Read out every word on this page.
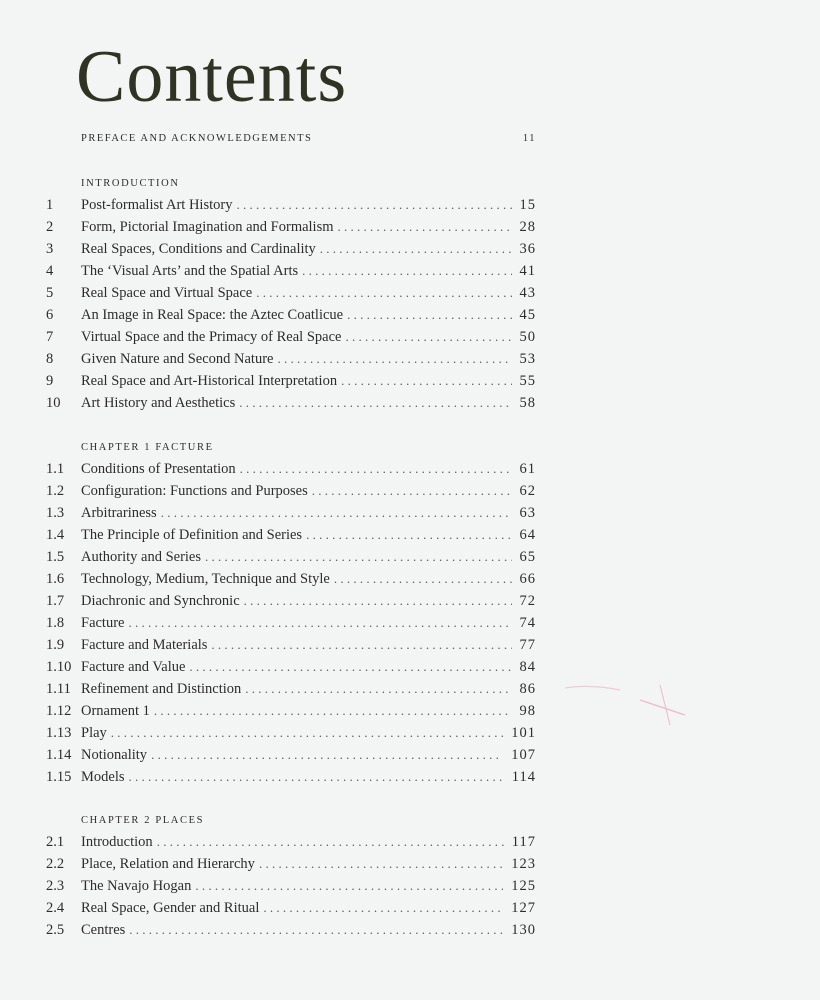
Contents
PREFACE AND ACKNOWLEDGEMENTS	11
INTRODUCTION
1	Post-formalist Art History . . .	15
2	Form, Pictorial Imagination and Formalism . . .	28
3	Real Spaces, Conditions and Cardinality . . .	36
4	The ‘Visual Arts’ and the Spatial Arts . . .	41
5	Real Space and Virtual Space . . .	43
6	An Image in Real Space: the Aztec Coatlicue . . .	45
7	Virtual Space and the Primacy of Real Space . . .	50
8	Given Nature and Second Nature . . .	53
9	Real Space and Art-Historical Interpretation . . .	55
10	Art History and Aesthetics . . .	58
CHAPTER 1 FACTURE
1.1	Conditions of Presentation . . .	61
1.2	Configuration: Functions and Purposes . . .	62
1.3	Arbitrariness . . .	63
1.4	The Principle of Definition and Series . . .	64
1.5	Authority and Series . . .	65
1.6	Technology, Medium, Technique and Style . . .	66
1.7	Diachronic and Synchronic . . .	72
1.8	Facture . . .	74
1.9	Facture and Materials . . .	77
1.10 Facture and Value . . .	84
1.11 Refinement and Distinction . . .	86
1.12 Ornament 1 . . .	98
1.13 Play . . .	101
1.14 Notionality . . .	107
1.15 Models . . .	114
CHAPTER 2 PLACES
2.1	Introduction . . .	117
2.2	Place, Relation and Hierarchy . . .	123
2.3	The Navajo Hogan . . .	125
2.4	Real Space, Gender and Ritual . . .	127
2.5	Centres . . .	130
